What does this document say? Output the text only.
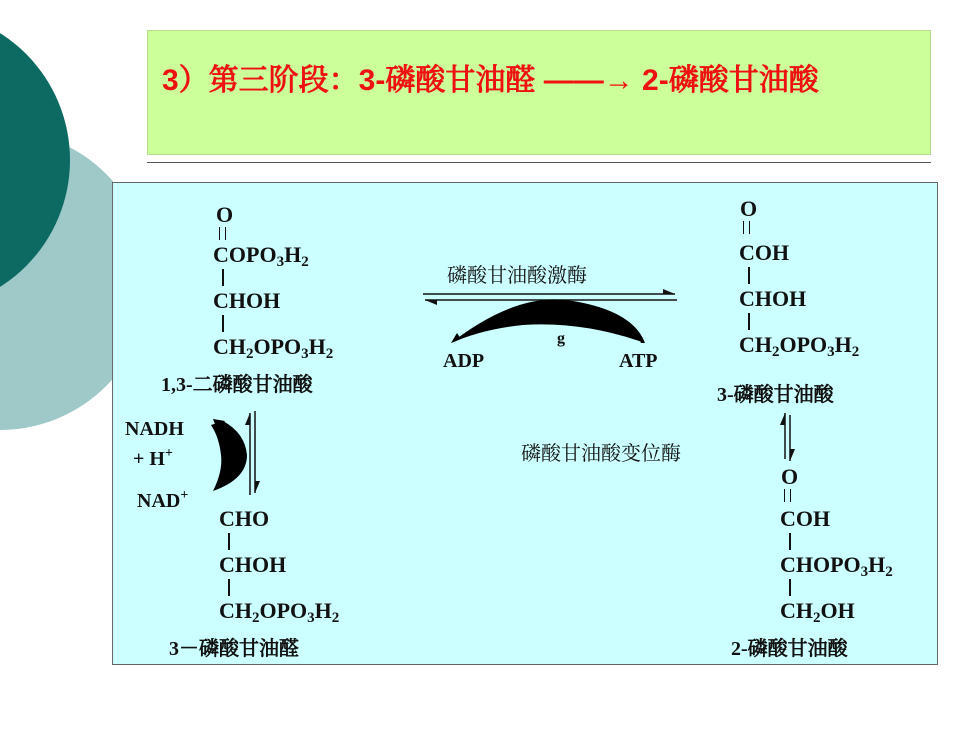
3）第三阶段：3-磷酸甘油醛 ——→ 2-磷酸甘油酸
O
$COPO_3H_2$
CHOH
$CH_2OPO_3H_2$
1,3-二磷酸甘油酸
O
COH
CHOH
$CH_2OPO_3H_2$
3-磷酸甘油酸
CHO
CHOH
$CH_2OPO_3H_2$
3－磷酸甘油醛
O
COH
$CHOPO_3H_2$
$CH_2OH$
2-磷酸甘油酸
磷酸甘油酸激酶
ADP	ATP
g
磷酸甘油酸变位酶
NADH
+ H+
NAD+
